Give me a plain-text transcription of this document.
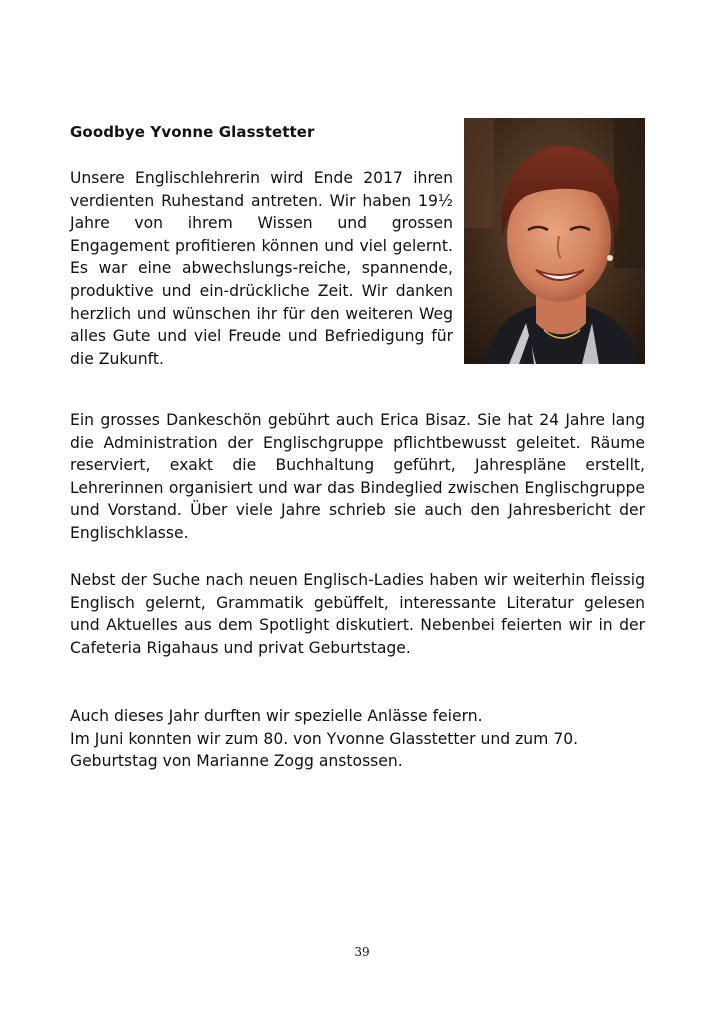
Goodbye Yvonne Glasstetter
Unsere Englischlehrerin wird Ende 2017 ihren verdienten Ruhestand antreten. Wir haben 19½ Jahre von ihrem Wissen und grossen Engagement profitieren können und viel gelernt. Es war eine abwechslungs-reiche, spannende, produktive und ein-drückliche Zeit. Wir danken herzlich und wünschen ihr für den weiteren Weg alles Gute und viel Freude und Befriedigung für die Zukunft.
Ein grosses Dankeschön gebührt auch Erica Bisaz. Sie hat 24 Jahre lang die Administration der Englischgruppe pflichtbewusst geleitet. Räume reserviert, exakt die Buchhaltung geführt, Jahrespläne erstellt, Lehrerinnen organisiert und war das Bindeglied zwischen Englischgruppe und Vorstand. Über viele Jahre schrieb sie auch den Jahresbericht der Englischklasse.
Nebst der Suche nach neuen Englisch-Ladies haben wir weiterhin fleissig Englisch gelernt, Grammatik gebüffelt, interessante Literatur gelesen und Aktuelles aus dem Spotlight diskutiert. Nebenbei feierten wir in der Cafeteria Rigahaus und privat Geburtstage.

Auch dieses Jahr durften wir spezielle Anlässe feiern.

Im Juni konnten wir zum 80. von Yvonne Glasstetter und zum 70. Geburtstag von Marianne Zogg anstossen.

39
